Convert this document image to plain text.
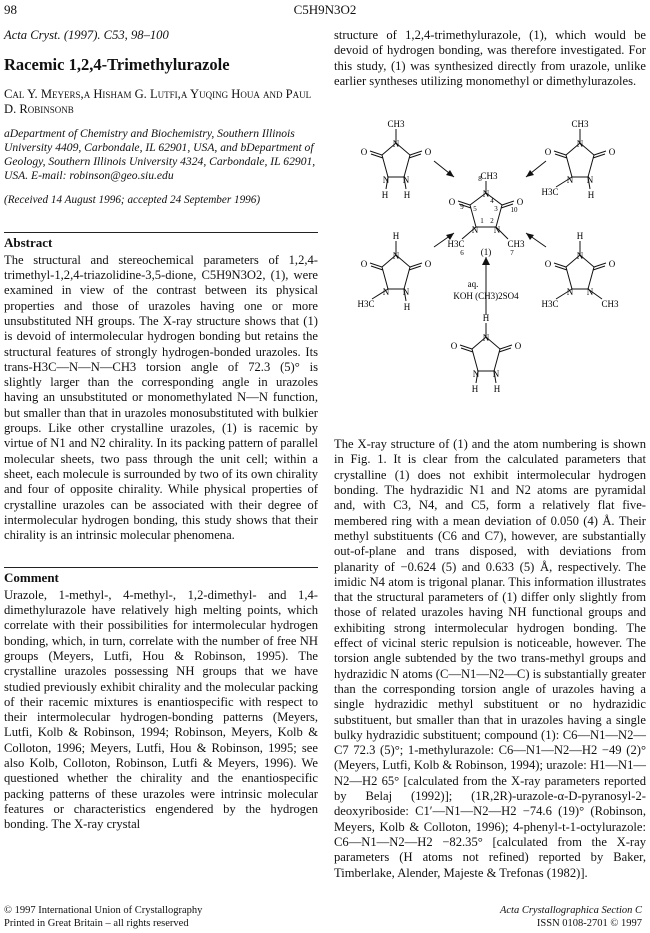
98	C5H9N3O2
Acta Cryst. (1997). C53, 98–100
Racemic 1,2,4-Trimethylurazole
Cal Y. Meyers,a Hisham G. Lutfi,a Yuqing Houa and Paul D. Robinsonb
aDepartment of Chemistry and Biochemistry, Southern Illinois University 4409, Carbondale, IL 62901, USA, and bDepartment of Geology, Southern Illinois University 4324, Carbondale, IL 62901, USA. E-mail: robinson@geo.siu.edu
(Received 14 August 1996; accepted 24 September 1996)
Abstract

The structural and stereochemical parameters of 1,2,4-trimethyl-1,2,4-triazolidine-3,5-dione, C5H9N3O2, (1), were examined in view of the contrast between its physical properties and those of urazoles having one or more unsubstituted NH groups. The X-ray structure shows that (1) is devoid of intermolecular hydrogen bonding but retains the structural features of strongly hydrogen-bonded urazoles. Its trans-H3C—N—N—CH3 torsion angle of 72.3 (5)° is slightly larger than the corresponding angle in urazoles having an unsubstituted or monomethylated N—N function, but smaller than that in urazoles monosubstituted with bulkier groups. Like other crystalline urazoles, (1) is racemic by virtue of N1 and N2 chirality. In its packing pattern of parallel molecular sheets, two pass through the unit cell; within a sheet, each molecule is surrounded by two of its own chirality and four of opposite chirality. While physical properties of crystalline urazoles can be associated with their degree of intermolecular hydrogen bonding, this study shows that their chirality is an intrinsic molecular phenomena.

Comment

Urazole, 1-methyl-, 4-methyl-, 1,2-dimethyl- and 1,4-dimethylurazole have relatively high melting points, which correlate with their possibilities for intermolecular hydrogen bonding, which, in turn, correlate with the number of free NH groups (Meyers, Lutfi, Hou & Robinson, 1995). The crystalline urazoles possessing NH groups that we have studied previously exhibit chirality and the molecular packing of their racemic mixtures is enantiospecific with respect to their intermolecular hydrogen-bonding patterns (Meyers, Lutfi, Kolb & Robinson, 1994; Robinson, Meyers, Kolb & Colloton, 1996; Meyers, Lutfi, Hou & Robinson, 1995; see also Kolb, Colloton, Robinson, Lutfi & Meyers, 1996). We questioned whether the chirality and the enantiospecific packing patterns of these urazoles were intrinsic molecular features or characteristics engendered by the hydrogen bonding. The X-ray crystal

structure of 1,2,4-trimethylurazole, (1), which would be devoid of hydrogen bonding, was therefore investigated. For this study, (1) was synthesized directly from urazole, unlike earlier syntheses utilizing monomethyl or dimethylurazoles.

CH3
O	O
N
N N
H H
CH3
O	O
N
N N
H3C	H
CH3
O	O
N
N N
H3C	CH3
(1)
H
O	O
N
N N
H3C	H
H
O	O
N
N N
H3C	CH3
H
O	O
N
N N
H H
8
4
5	3
9	10
1 2
6	7
aq.
KOH (CH3)2SO4

The X-ray structure of (1) and the atom numbering is shown in Fig. 1. It is clear from the calculated parameters that crystalline (1) does not exhibit intermolecular hydrogen bonding. The hydrazidic N1 and N2 atoms are pyramidal and, with C3, N4, and C5, form a relatively flat five-membered ring with a mean deviation of 0.050 (4) Å. Their methyl substituents (C6 and C7), however, are substantially out-of-plane and trans disposed, with deviations from planarity of −0.624 (5) and 0.633 (5) Å, respectively. The imidic N4 atom is trigonal planar. This information illustrates that the structural parameters of (1) differ only slightly from those of related urazoles having NH functional groups and exhibiting strong intermolecular hydrogen bonding. The effect of vicinal steric repulsion is noticeable, however. The torsion angle subtended by the two trans-methyl groups and hydrazidic N atoms (C—N1—N2—C) is substantially greater than the corresponding torsion angle of urazoles having a single hydrazidic methyl substituent or no hydrazidic substituent, but smaller than that in urazoles having a single bulky hydrazidic substituent; compound (1): C6—N1—N2—C7 72.3 (5)°; 1-methylurazole: C6—N1—N2—H2 −49 (2)° (Meyers, Lutfi, Kolb & Robinson, 1994); urazole: H1—N1—N2—H2 65° [calculated from the X-ray parameters reported by Belaj (1992)]; (1R,2R)-urazole-α-D-pyranosyl-2-deoxyriboside: C1′—N1—N2—H2 −74.6 (19)° (Robinson, Meyers, Kolb & Colloton, 1996); 4-phenyl-t-1-octylurazole: C6—N1—N2—H2 −82.35° [calculated from the X-ray parameters (H atoms not refined) reported by Baker, Timberlake, Alender, Majeste & Trefonas (1982)].

© 1997 International Union of Crystallography
Printed in Great Britain – all rights reserved
Acta Crystallographica Section C
ISSN 0108-2701 © 1997
